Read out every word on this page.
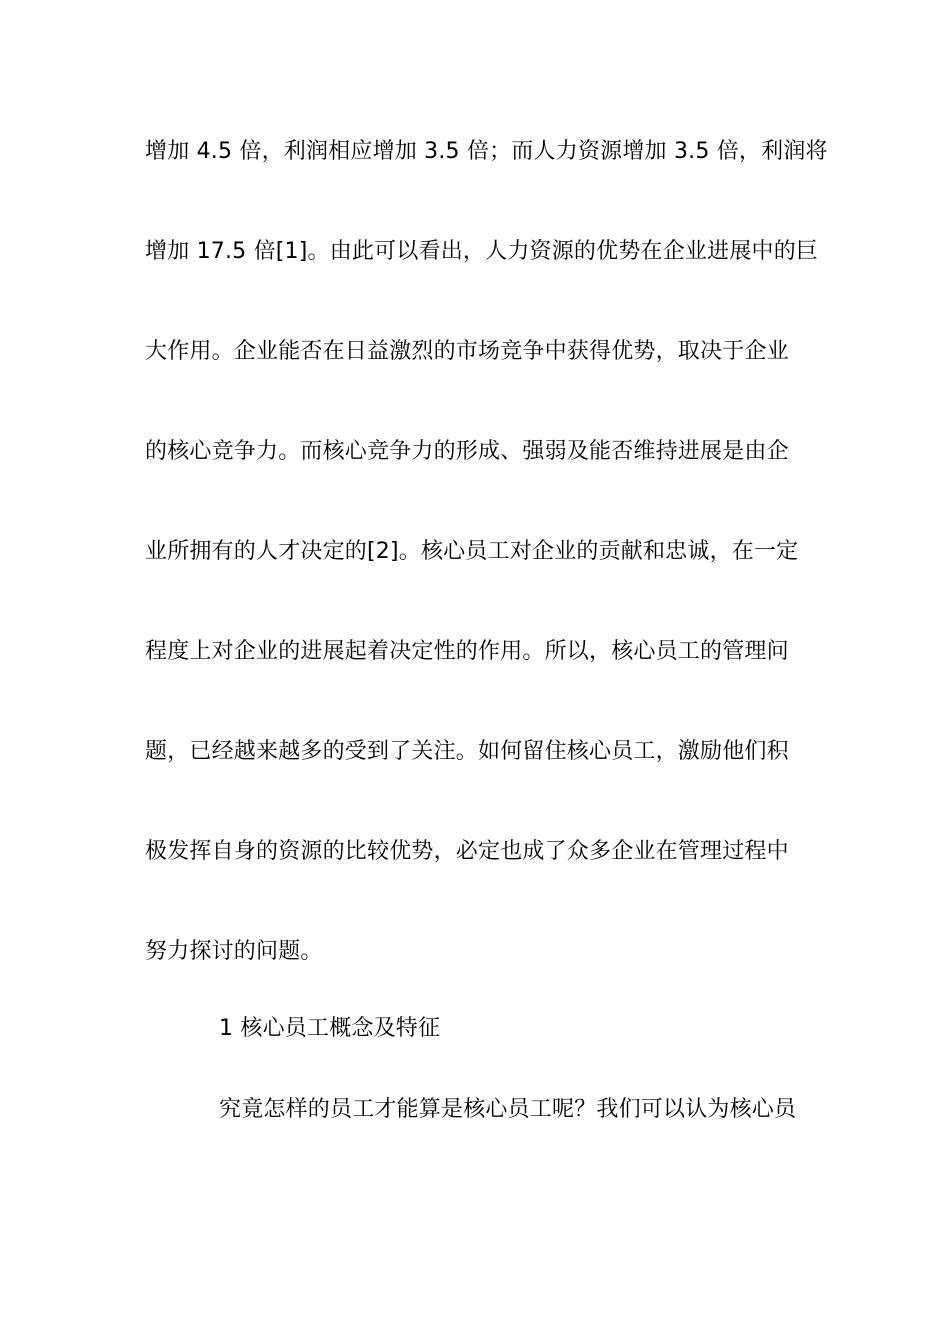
增加 4.5 倍，利润相应增加 3.5 倍；而人力资源增加 3.5 倍，利润将
增加 17.5 倍[1]。由此可以看出，人力资源的优势在企业进展中的巨
大作用。企业能否在日益激烈的市场竞争中获得优势，取决于企业
的核心竞争力。而核心竞争力的形成、强弱及能否维持进展是由企
业所拥有的人才决定的[2]。核心员工对企业的贡献和忠诚，在一定
程度上对企业的进展起着决定性的作用。所以，核心员工的管理问
题，已经越来越多的受到了关注。如何留住核心员工，激励他们积
极发挥自身的资源的比较优势，必定也成了众多企业在管理过程中
努力探讨的问题。
1 核心员工概念及特征
究竟怎样的员工才能算是核心员工呢？我们可以认为核心员
